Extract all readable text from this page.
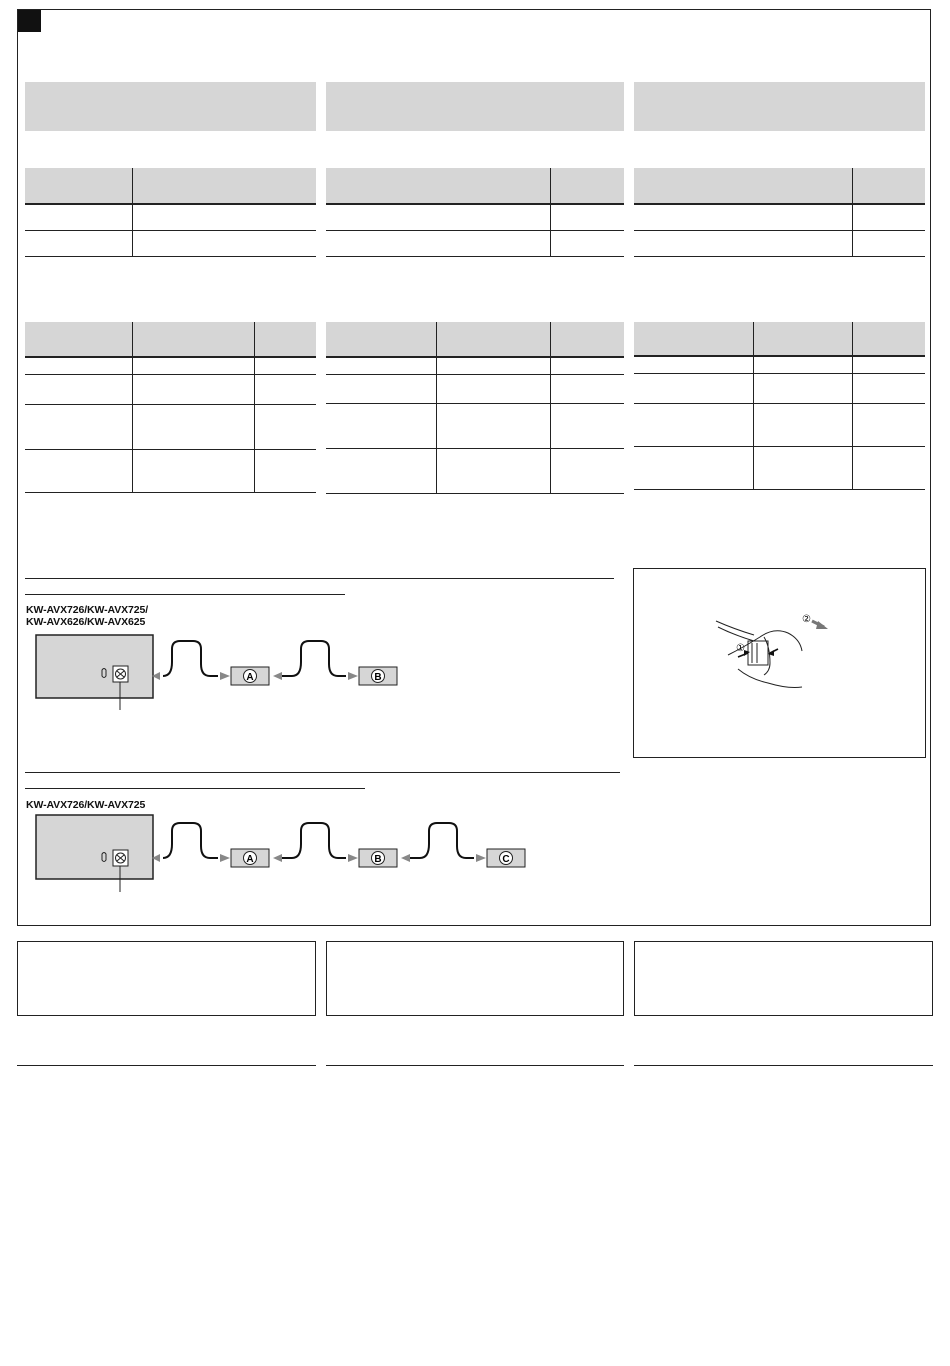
KW-AVX726/KW-AVX725/
KW-AVX626/KW-AVX625
A	B
KW-AVX726/KW-AVX725
A	B	C
①
②
